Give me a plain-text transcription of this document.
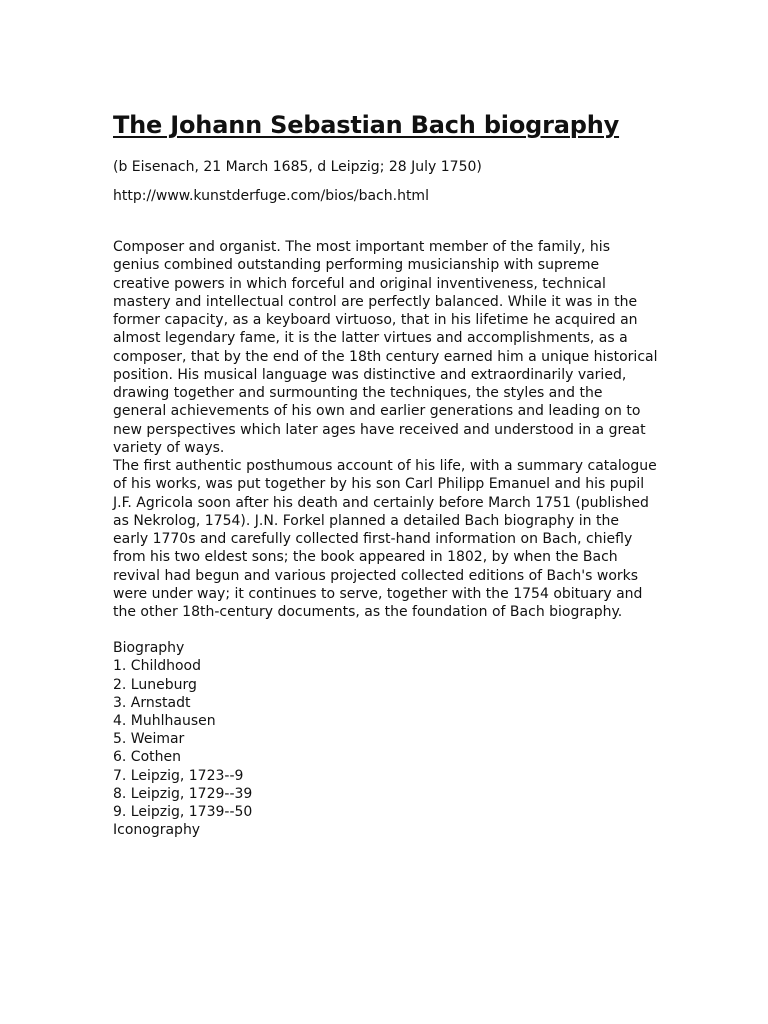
The Johann Sebastian Bach biography

(b Eisenach, 21 March 1685, d Leipzig; 28 July 1750)

http://www.kunstderfuge.com/bios/bach.html

Composer and organist. The most important member of the family, his genius combined outstanding performing musicianship with supreme creative powers in which forceful and original inventiveness, technical mastery and intellectual control are perfectly balanced. While it was in the former capacity, as a keyboard virtuoso, that in his lifetime he acquired an almost legendary fame, it is the latter virtues and accomplishments, as a composer, that by the end of the 18th century earned him a unique historical position. His musical language was distinctive and extraordinarily varied, drawing together and surmounting the techniques, the styles and the general achievements of his own and earlier generations and leading on to new perspectives which later ages have received and understood in a great variety of ways.

The first authentic posthumous account of his life, with a summary catalogue of his works, was put together by his son Carl Philipp Emanuel and his pupil J.F. Agricola soon after his death and certainly before March 1751 (published as Nekrolog, 1754). J.N. Forkel planned a detailed Bach biography in the early 1770s and carefully collected first-hand information on Bach, chiefly from his two eldest sons; the book appeared in 1802, by when the Bach revival had begun and various projected collected editions of Bach's works were under way; it continues to serve, together with the 1754 obituary and the other 18th-century documents, as the foundation of Bach biography.

Biography
1. Childhood
2. Luneburg
3. Arnstadt
4. Muhlhausen
5. Weimar
6. Cothen
7. Leipzig, 1723--9
8. Leipzig, 1729--39
9. Leipzig, 1739--50
Iconography
